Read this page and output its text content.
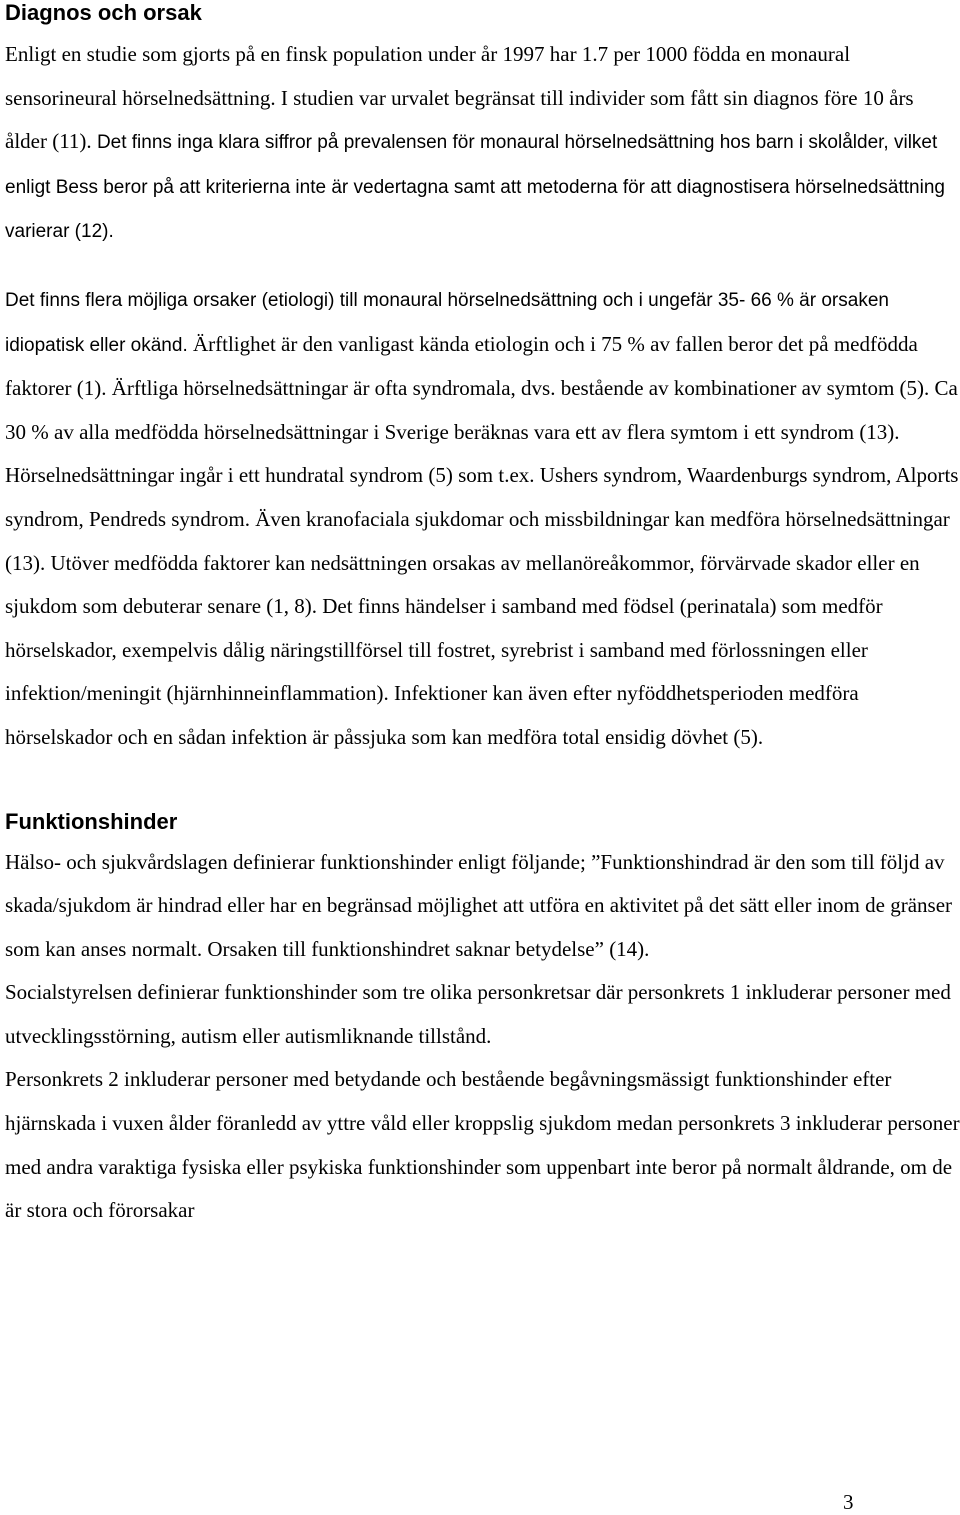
Diagnos och orsak

Enligt en studie som gjorts på en finsk population under år 1997 har 1.7 per 1000 födda en monaural sensorineural hörselnedsättning. I studien var urvalet begränsat till individer som fått sin diagnos före 10 års ålder (11). Det finns inga klara siffror på prevalensen för monaural hörselnedsättning hos barn i skolålder, vilket enligt Bess beror på att kriterierna inte är vedertagna samt att metoderna för att diagnostisera hörselnedsättning varierar (12).

Det finns flera möjliga orsaker (etiologi) till monaural hörselnedsättning och i ungefär 35- 66 % är orsaken idiopatisk eller okänd. Ärftlighet är den vanligast kända etiologin och i 75 % av fallen beror det på medfödda faktorer (1). Ärftliga hörselnedsättningar är ofta syndromala, dvs. bestående av kombinationer av symtom (5). Ca 30 % av alla medfödda hörselnedsättningar i Sverige beräknas vara ett av flera symtom i ett syndrom (13). Hörselnedsättningar ingår i ett hundratal syndrom (5) som t.ex. Ushers syndrom, Waardenburgs syndrom, Alports syndrom, Pendreds syndrom. Även kranofaciala sjukdomar och missbildningar kan medföra hörselnedsättningar (13). Utöver medfödda faktorer kan nedsättningen orsakas av mellanöreåkommor, förvärvade skador eller en sjukdom som debuterar senare (1, 8). Det finns händelser i samband med födsel (perinatala) som medför hörselskador, exempelvis dålig näringstillförsel till fostret, syrebrist i samband med förlossningen eller infektion/meningit (hjärnhinneinflammation). Infektioner kan även efter nyföddhetsperioden medföra hörselskador och en sådan infektion är påssjuka som kan medföra total ensidig dövhet (5).

Funktionshinder

Hälso- och sjukvårdslagen definierar funktionshinder enligt följande; ”Funktionshindrad är den som till följd av skada/sjukdom är hindrad eller har en begränsad möjlighet att utföra en aktivitet på det sätt eller inom de gränser som kan anses normalt. Orsaken till funktionshindret saknar betydelse” (14).

Socialstyrelsen definierar funktionshinder som tre olika personkretsar där personkrets 1 inkluderar personer med utvecklingsstörning, autism eller autismliknande tillstånd.

Personkrets 2 inkluderar personer med betydande och bestående begåvningsmässigt funktionshinder efter hjärnskada i vuxen ålder föranledd av yttre våld eller kroppslig sjukdom medan personkrets 3 inkluderar personer med andra varaktiga fysiska eller psykiska funktionshinder som uppenbart inte beror på normalt åldrande, om de är stora och förorsakar

3
